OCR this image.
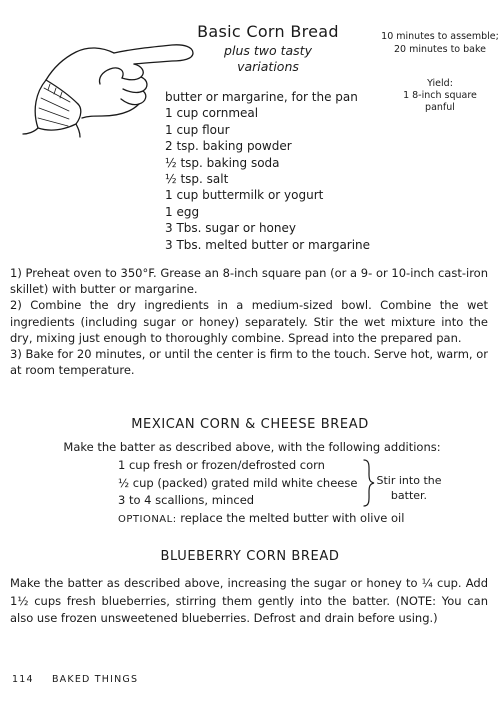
Basic Corn Bread
plus two tasty
variations
10 minutes to assemble;
20 minutes to bake
Yield:
1 8-inch square
panful
butter or margarine, for the pan
1 cup cornmeal
1 cup flour
2 tsp. baking powder
½ tsp. baking soda
½ tsp. salt
1 cup buttermilk or yogurt
1 egg
3 Tbs. sugar or honey
3 Tbs. melted butter or margarine

1) Preheat oven to 350°F. Grease an 8-inch square pan (or a 9- or 10-inch cast-iron skillet) with butter or margarine.

2) Combine the dry ingredients in a medium-sized bowl. Combine the wet ingredients (including sugar or honey) separately. Stir the wet mixture into the dry, mixing just enough to thoroughly combine. Spread into the prepared pan.

3) Bake for 20 minutes, or until the center is firm to the touch. Serve hot, warm, or at room temperature.

MEXICAN CORN & CHEESE BREAD
Make the batter as described above, with the following additions:
1 cup fresh or frozen/defrosted corn
½ cup (packed) grated mild white cheese
3 to 4 scallions, minced
Stir into the
batter.
OPTIONAL: replace the melted butter with olive oil
BLUEBERRY CORN BREAD
Make the batter as described above, increasing the sugar or honey to ¼ cup. Add 1½ cups fresh blueberries, stirring them gently into the batter. (NOTE: You can also use frozen unsweetened blueberries. Defrost and drain before using.)
114 BAKED THINGS
